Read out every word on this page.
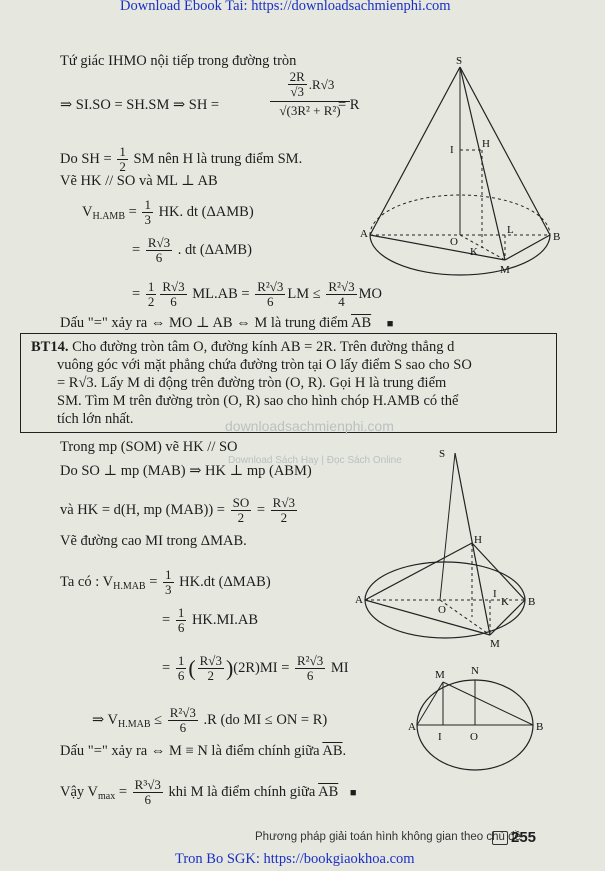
Download Ebook Tai: https://downloadsachmienphi.com
Tứ giác IHMO nội tiếp trong đường tròn
⇒ SI.SO = SH.SM ⇒ SH =	$\frac{\frac{2R}{√3} .R√3}{\text{√(3R² + R²)}}$
= R
Do SH = $\frac{1}{2}$ SM nên H là trung điểm SM.
Vẽ HK // SO và ML ⊥ AB
$V_{H.AMB} = \frac{1}{3}$ HK. dt (ΔAMB)
= $\frac{R√3}{6}$ . dt (ΔAMB)
= $\frac{1}{2} \frac{R√3}{6} ML.AB = \frac{\text{R²√3}}{6}$ LM ≤ $\frac{\text{R²√3}}{4}$ MO
Dấu "=" xảy ra ⇔ MO ⊥ AB ⇔ M là trung điểm $\overline{AB}$ ■
S
I	H
A
O
L
B
K
M

BT14. Cho đường tròn tâm O, đường kính AB = 2R. Trên đường thẳng d

vuông góc với mặt phẳng chứa đường tròn tại O lấy điểm S sao cho SO

= R√3. Lấy M di động trên đường tròn (O, R). Gọi H là trung điểm

SM. Tìm M trên đường tròn (O, R) sao cho hình chóp H.AMB có thể

tích lớn nhất.	downloadsachmienphi.com
Download Sách Hay | Đọc Sách Online
Trong mp (SOM) vẽ HK // SO
Do SO ⊥ mp (MAB) ⇒ HK ⊥ mp (ABM)
và HK = d(H, mp $(MAB)) = \frac{SO}{2} = \frac{R√3}{2}$
Vẽ đường cao MI trong ΔMAB.
Ta có : $V_{H.MAB} = \frac{1}{3} HK.dt$ (ΔMAB)
= $\frac{1}{6} HK.MI.AB$
= $\frac{1}{6}$ ( $\frac{R√3}{2} )(2R)MI = \frac{\text{R²√3}}{6}$ MI
⇒ $V_{H.MAB} \le \frac{\text{R²√3}}{6} .R$ (do MI ≤ ON = R)
Dấu "=" xảy ra ⇔ M ≡ N là điểm chính giữa $\overline{AB}$.
Vậy $V_{max} = \frac{\text{R³√3}}{6}$ khi M là điểm chính giữa $\overline{AB}$ ■
S
H
A
O
I
K B
M
M N
A
I	O
B
Phương pháp giải toán hình không gian theo chủ đề
255
Tron Bo SGK: https://bookgiaokhoa.com
